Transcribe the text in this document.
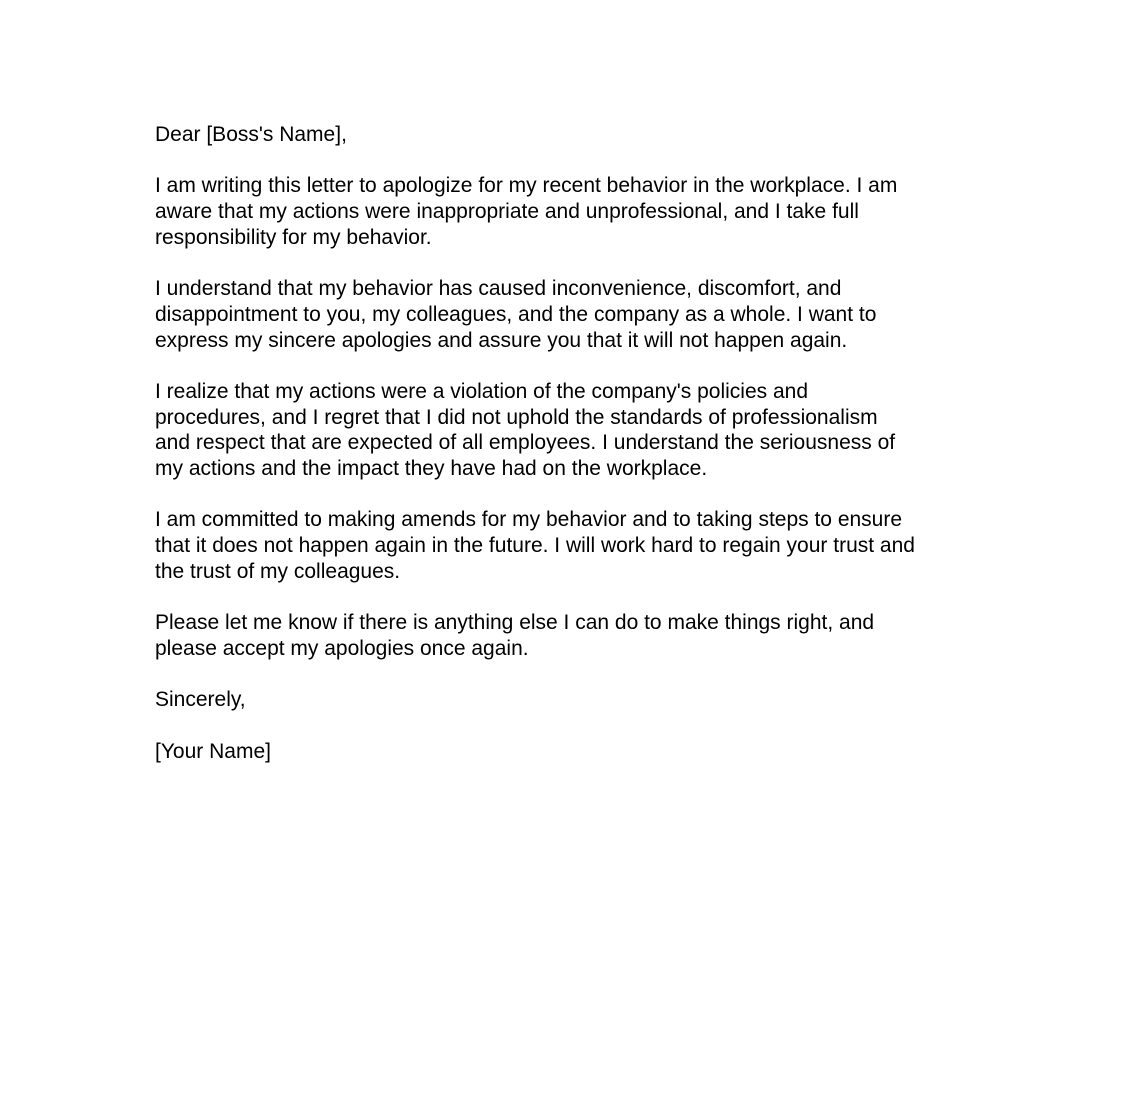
Dear [Boss's Name],

I am writing this letter to apologize for my recent behavior in the workplace. I am
aware that my actions were inappropriate and unprofessional, and I take full
responsibility for my behavior.

I understand that my behavior has caused inconvenience, discomfort, and
disappointment to you, my colleagues, and the company as a whole. I want to
express my sincere apologies and assure you that it will not happen again.

I realize that my actions were a violation of the company's policies and
procedures, and I regret that I did not uphold the standards of professionalism
and respect that are expected of all employees. I understand the seriousness of
my actions and the impact they have had on the workplace.

I am committed to making amends for my behavior and to taking steps to ensure
that it does not happen again in the future. I will work hard to regain your trust and
the trust of my colleagues.

Please let me know if there is anything else I can do to make things right, and
please accept my apologies once again.

Sincerely,

[Your Name]
